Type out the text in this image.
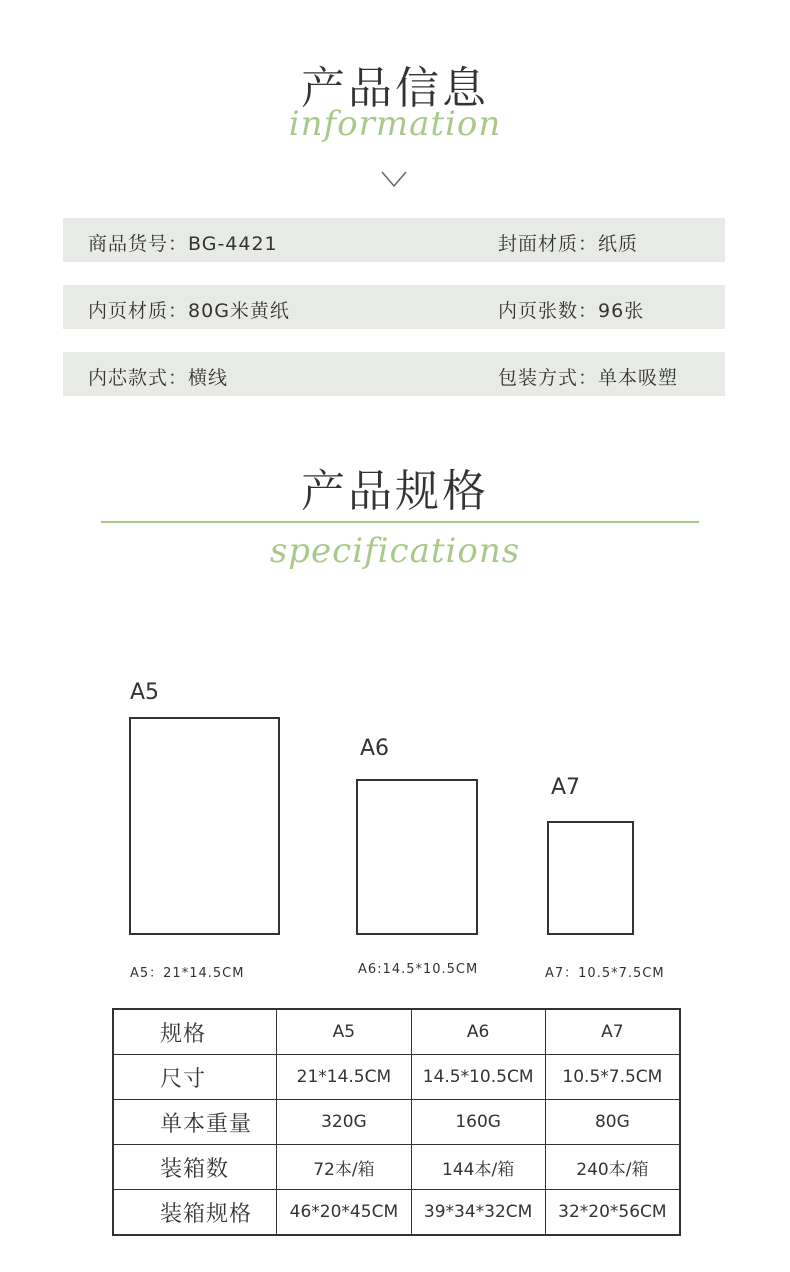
产品信息
information
商品货号：BG-4421	封面材质：纸质
内页材质：80G米黄纸	内页张数：96张
内芯款式：横线	包装方式：单本吸塑
产品规格
specifications
A5
A5：21*14.5CM
A6
A6:14.5*10.5CM
A7
A7：10.5*7.5CM
规格	A5	A6	A7
尺寸	21*14.5CM	14.5*10.5CM	10.5*7.5CM
单本重量	320G	160G	80G
装箱数	72本/箱	144本/箱	240本/箱
装箱规格	46*20*45CM	39*34*32CM	32*20*56CM
